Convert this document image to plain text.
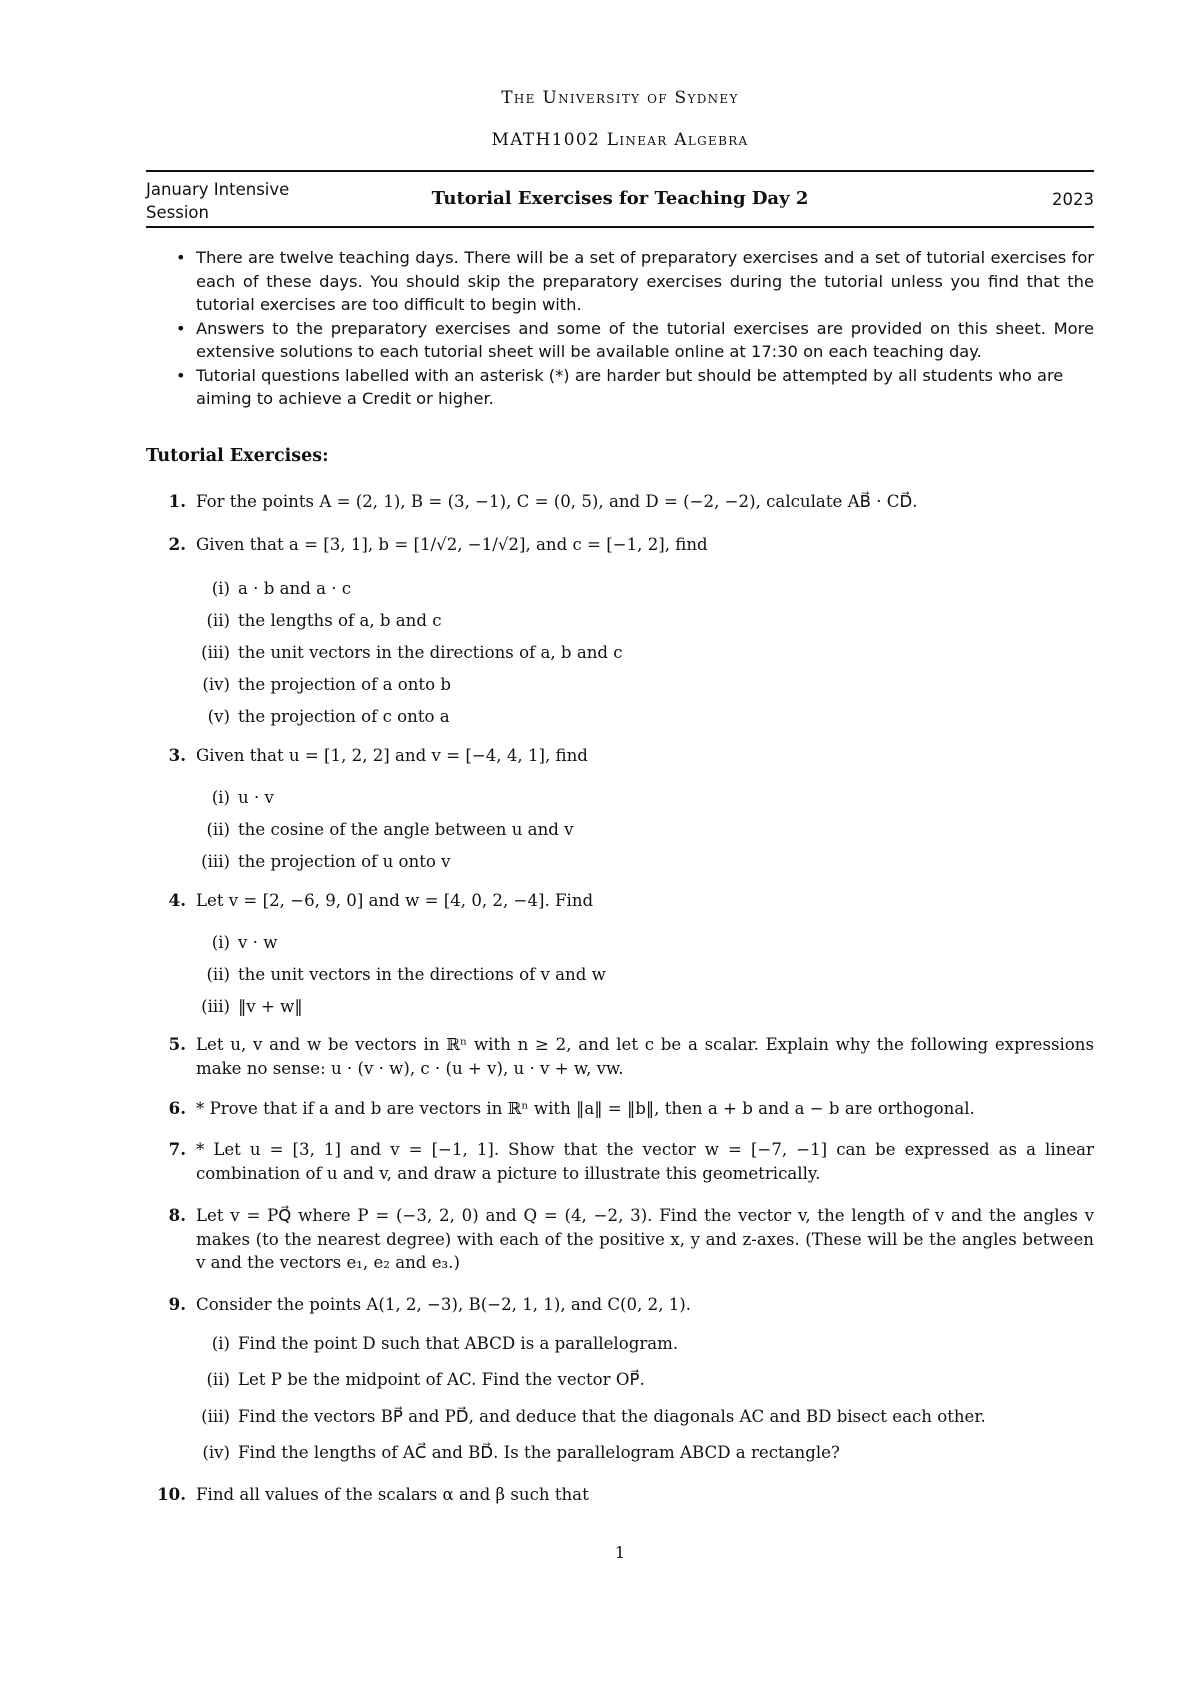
The University of Sydney
MATH1002 Linear Algebra
January Intensive
Session
Tutorial Exercises for Teaching Day 2	2023
• There are twelve teaching days. There will be a set of preparatory exercises and a set of tutorial exercises for each of these days. You should skip the preparatory exercises during the tutorial unless you find that the tutorial exercises are too difficult to begin with.
• Answers to the preparatory exercises and some of the tutorial exercises are provided on this sheet. More extensive solutions to each tutorial sheet will be available online at 17:30 on each teaching day.
• Tutorial questions labelled with an asterisk (*) are harder but should be attempted by all students who are aiming to achieve a Credit or higher.
Tutorial Exercises:
1. For the points A = (2, 1), B = (3, −1), C = (0, 5), and D = (−2, −2), calculate AB⃗ · CD⃗.
2. Given that a = [3, 1], b = [1/√2, −1/√2], and c = [−1, 2], find
(i) a · b and a · c
(ii) the lengths of a, b and c
(iii) the unit vectors in the directions of a, b and c
(iv) the projection of a onto b
(v) the projection of c onto a
3. Given that u = [1, 2, 2] and v = [−4, 4, 1], find
(i) u · v
(ii) the cosine of the angle between u and v
(iii) the projection of u onto v
4. Let v = [2, −6, 9, 0] and w = [4, 0, 2, −4]. Find
(i) v · w
(ii) the unit vectors in the directions of v and w
(iii) ‖v + w‖
5. Let u, v and w be vectors in ℝⁿ with n ≥ 2, and let c be a scalar. Explain why the following expressions make no sense: u · (v · w), c · (u + v), u · v + w, vw.
6. * Prove that if a and b are vectors in ℝⁿ with ‖a‖ = ‖b‖, then a + b and a − b are orthogonal.
7. * Let u = [3, 1] and v = [−1, 1]. Show that the vector w = [−7, −1] can be expressed as a linear combination of u and v, and draw a picture to illustrate this geometrically.
8. Let v = PQ⃗ where P = (−3, 2, 0) and Q = (4, −2, 3). Find the vector v, the length of v and the angles v makes (to the nearest degree) with each of the positive x, y and z-axes. (These will be the angles between v and the vectors e₁, e₂ and e₃.)
9. Consider the points A(1, 2, −3), B(−2, 1, 1), and C(0, 2, 1).
(i) Find the point D such that ABCD is a parallelogram.
(ii) Let P be the midpoint of AC. Find the vector OP⃗.
(iii) Find the vectors BP⃗ and PD⃗, and deduce that the diagonals AC and BD bisect each other.
(iv) Find the lengths of AC⃗ and BD⃗. Is the parallelogram ABCD a rectangle?
10. Find all values of the scalars α and β such that
1
